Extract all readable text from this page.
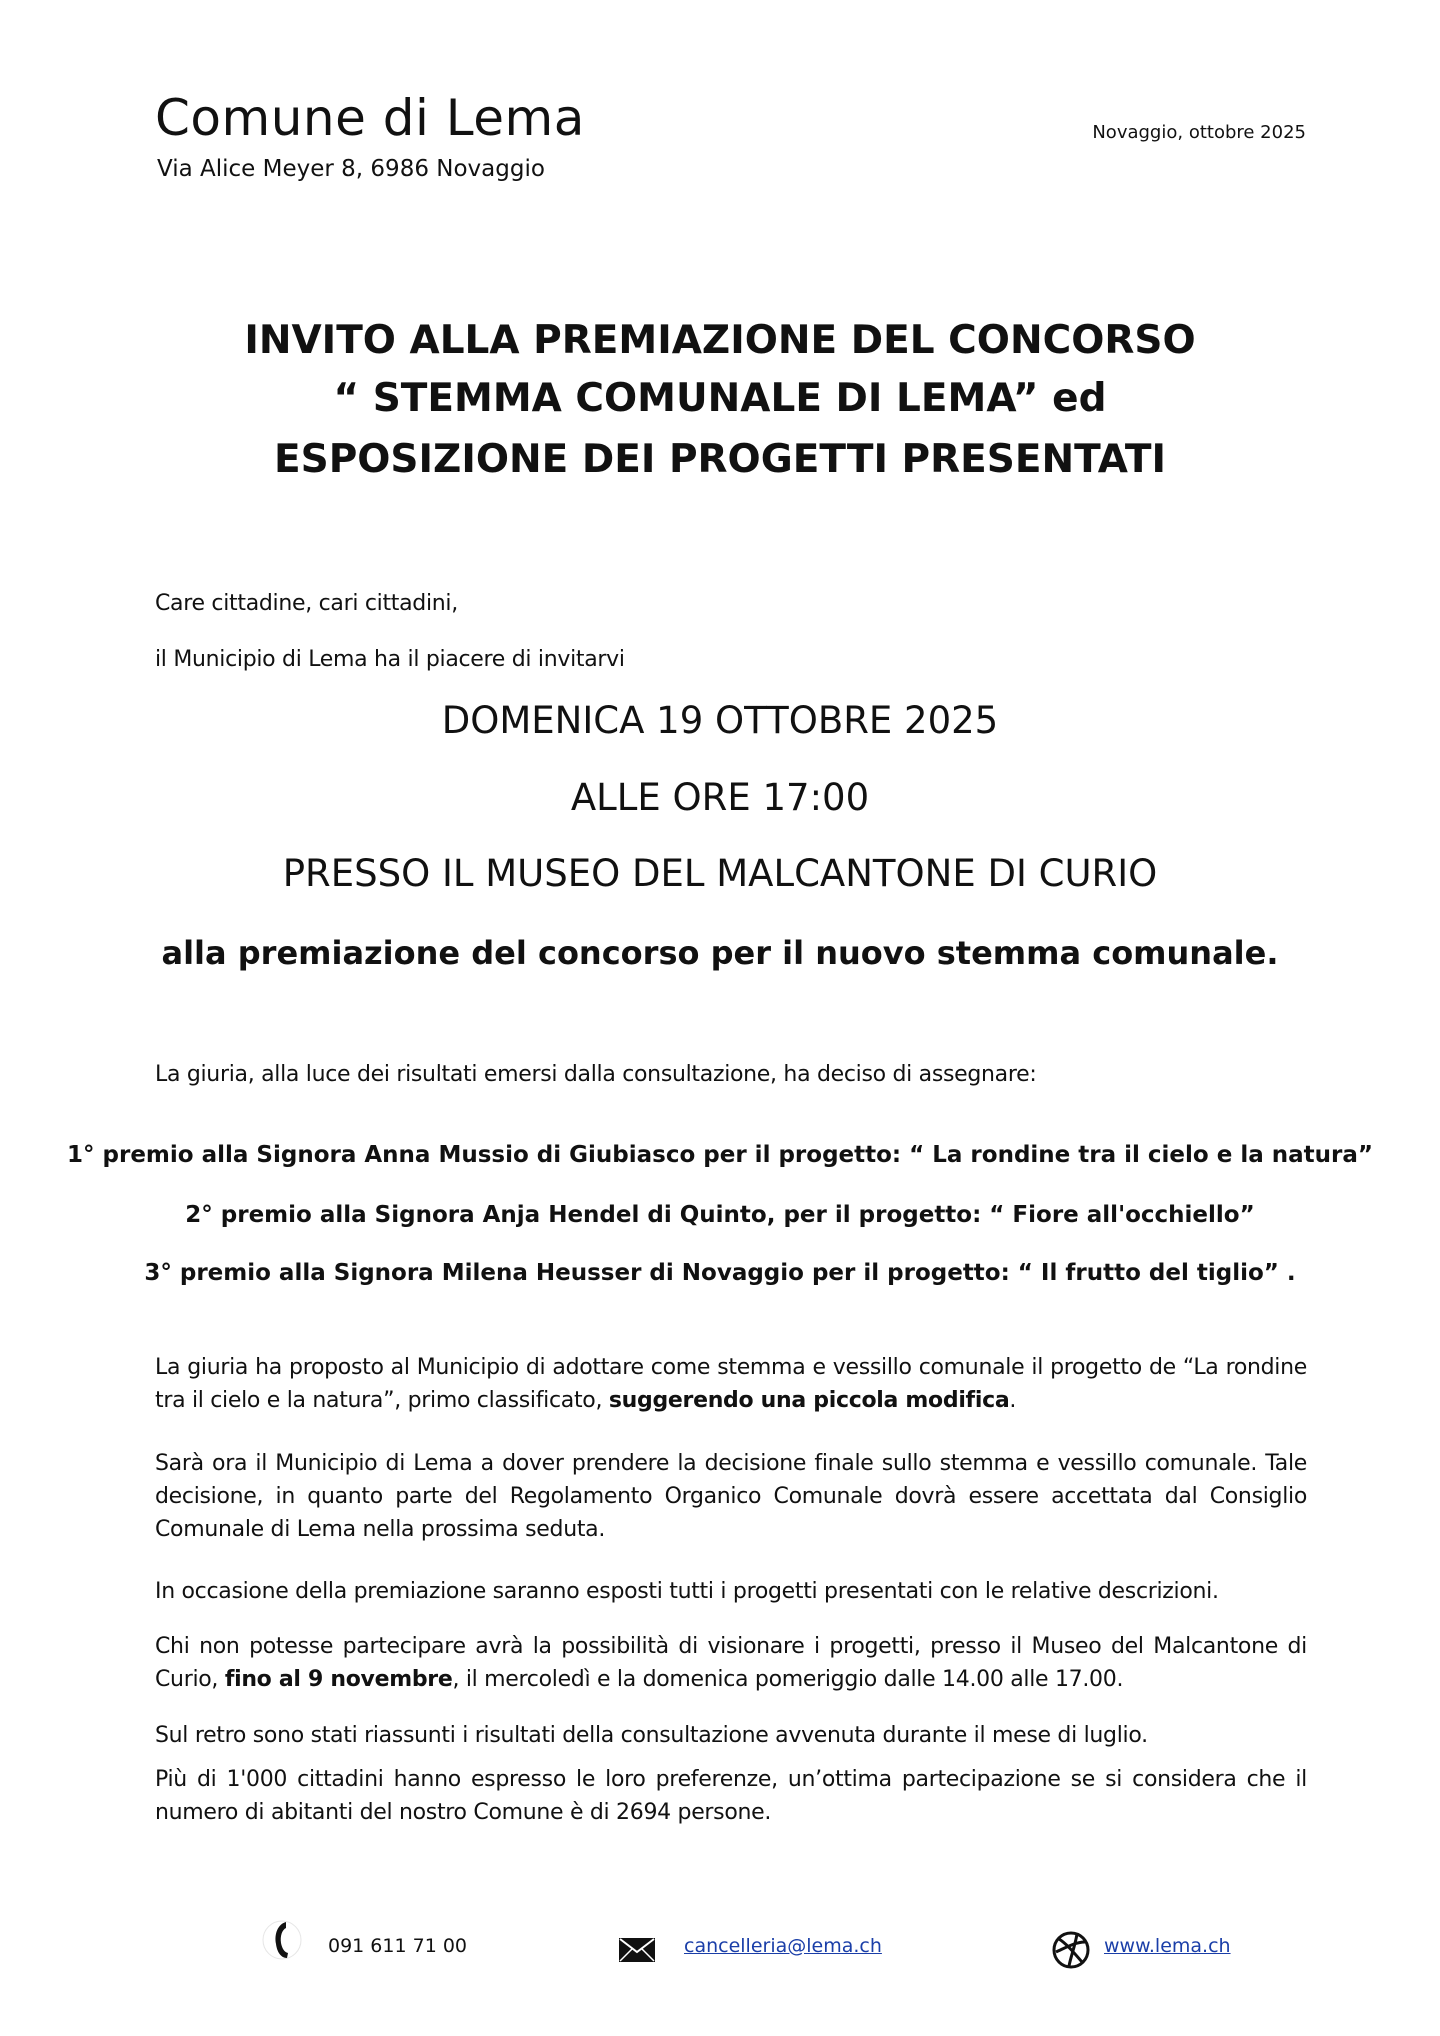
Comune di Lema
Via Alice Meyer 8, 6986 Novaggio
Novaggio, ottobre 2025
INVITO ALLA PREMIAZIONE DEL CONCORSO
“ STEMMA COMUNALE DI LEMA” ed
ESPOSIZIONE DEI PROGETTI PRESENTATI
Care cittadine, cari cittadini,
il Municipio di Lema ha il piacere di invitarvi
DOMENICA 19 OTTOBRE 2025
ALLE ORE 17:00
PRESSO IL MUSEO DEL MALCANTONE DI CURIO
alla premiazione del concorso per il nuovo stemma comunale.
La giuria, alla luce dei risultati emersi dalla consultazione, ha deciso di assegnare:
1° premio alla Signora Anna Mussio di Giubiasco per il progetto: “ La rondine tra il cielo e la natura”
2° premio alla Signora Anja Hendel di Quinto, per il progetto: “ Fiore all'occhiello”
3° premio alla Signora Milena Heusser di Novaggio per il progetto: “ Il frutto del tiglio” .
La giuria ha proposto al Municipio di adottare come stemma e vessillo comunale il progetto de “La rondine tra il cielo e la natura”, primo classificato, suggerendo una piccola modifica.
Sarà ora il Municipio di Lema a dover prendere la decisione finale sullo stemma e vessillo comunale. Tale decisione, in quanto parte del Regolamento Organico Comunale dovrà essere accettata dal Consiglio Comunale di Lema nella prossima seduta.
In occasione della premiazione saranno esposti tutti i progetti presentati con le relative descrizioni.
Chi non potesse partecipare avrà la possibilità di visionare i progetti, presso il Museo del Malcantone di Curio, fino al 9 novembre, il mercoledì e la domenica pomeriggio dalle 14.00 alle 17.00.
Sul retro sono stati riassunti i risultati della consultazione avvenuta durante il mese di luglio.
Più di 1'000 cittadini hanno espresso le loro preferenze, un’ottima partecipazione se si considera che il numero di abitanti del nostro Comune è di 2694 persone.
091 611 71 00	cancelleria@lema.ch	www.lema.ch
